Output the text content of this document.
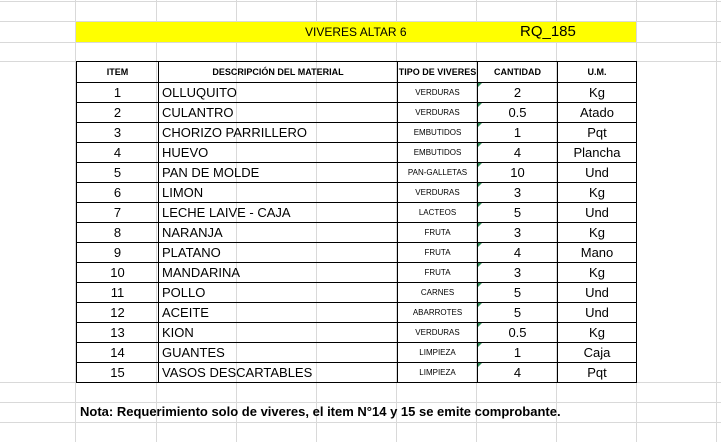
VIVERES ALTAR 6	RQ_185
ITEM	DESCRIPCIÓN DEL MATERIAL	TIPO DE VIVERES	CANTIDAD	U.M.
1	OLLUQUITO	VERDURAS	2	Kg
2	CULANTRO	VERDURAS	0.5	Atado
3	CHORIZO PARRILLERO	EMBUTIDOS	1	Pqt
4	HUEVO	EMBUTIDOS	4	Plancha
5	PAN DE MOLDE	PAN-GALLETAS	10	Und
6	LIMON	VERDURAS	3	Kg
7	LECHE LAIVE - CAJA	LACTEOS	5	Und
8	NARANJA	FRUTA	3	Kg
9	PLATANO	FRUTA	4	Mano
10	MANDARINA	FRUTA	3	Kg
11	POLLO	CARNES	5	Und
12	ACEITE	ABARROTES	5	Und
13	KION	VERDURAS	0.5	Kg
14	GUANTES	LIMPIEZA	1	Caja
15	VASOS DESCARTABLES	LIMPIEZA	4	Pqt
Nota: Requerimiento solo de viveres, el item N°14 y 15 se emite comprobante.
